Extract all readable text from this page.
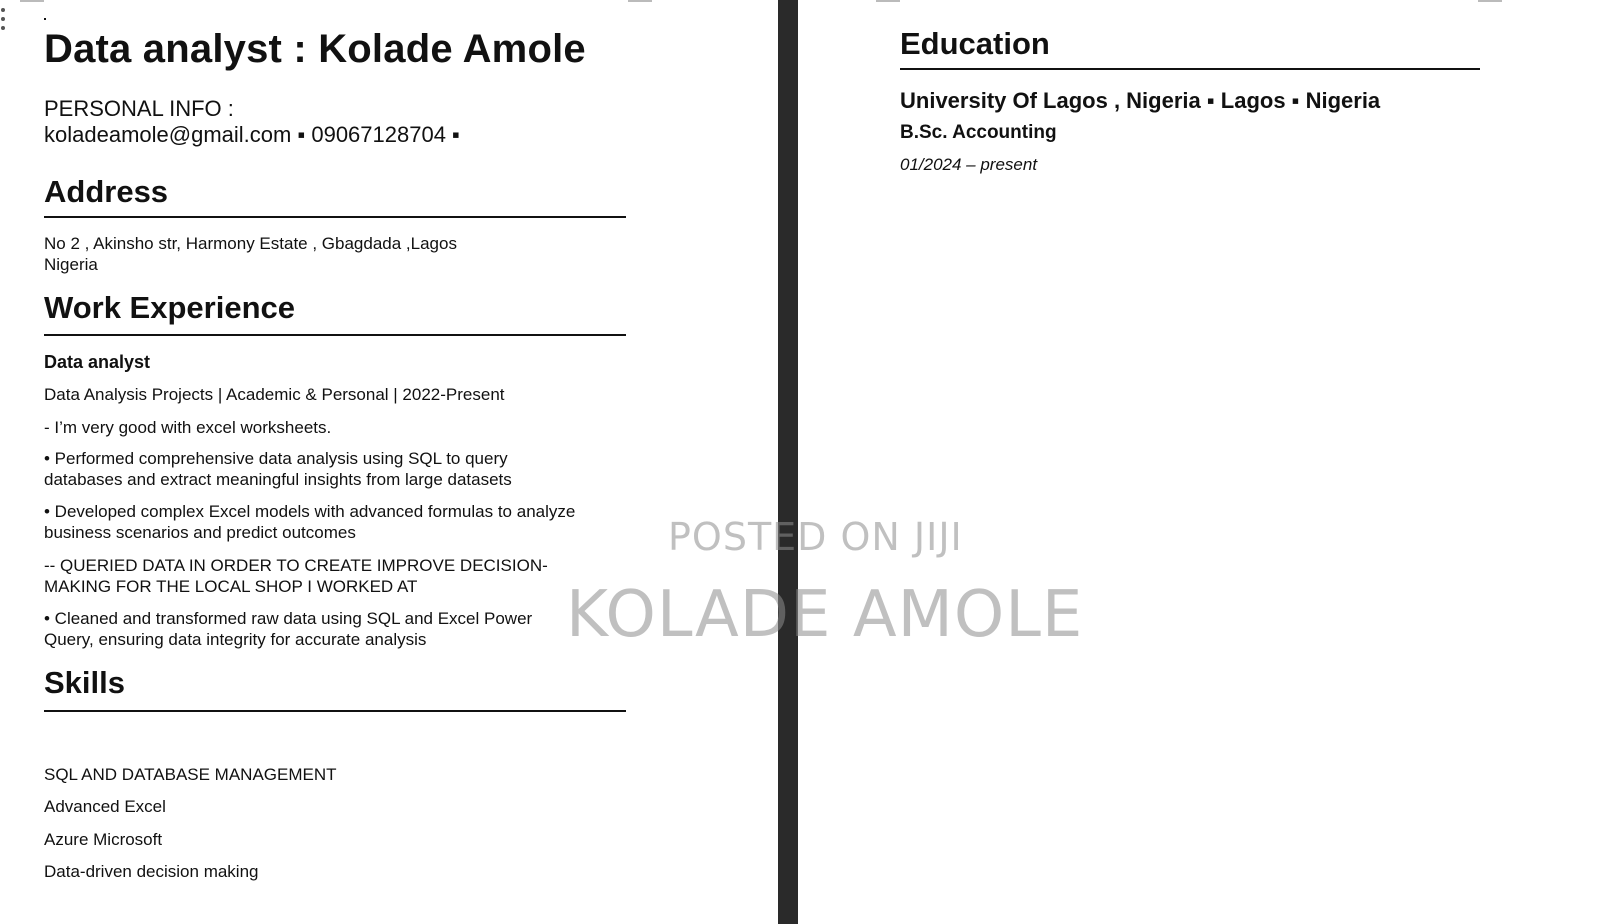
Data analyst : Kolade Amole
PERSONAL INFO :
koladeamole@gmail.com ▪ 09067128704 ▪
Address
No 2 , Akinsho str, Harmony Estate , Gbagdada ,Lagos
Nigeria
Work Experience
Data analyst
Data Analysis Projects | Academic & Personal | 2022-Present
- I’m very good with excel worksheets.
• Performed comprehensive data analysis using SQL to query
databases and extract meaningful insights from large datasets
• Developed complex Excel models with advanced formulas to analyze
business scenarios and predict outcomes
-- QUERIED DATA IN ORDER TO CREATE IMPROVE DECISION-
MAKING FOR THE LOCAL SHOP I WORKED AT
• Cleaned and transformed raw data using SQL and Excel Power
Query, ensuring data integrity for accurate analysis
Skills
SQL AND DATABASE MANAGEMENT
Advanced Excel
Azure Microsoft
Data-driven decision making
Education
University Of Lagos , Nigeria ▪ Lagos ▪ Nigeria
B.Sc. Accounting
01/2024 – present
POSTED ON JIJI
KOLADE AMOLE
